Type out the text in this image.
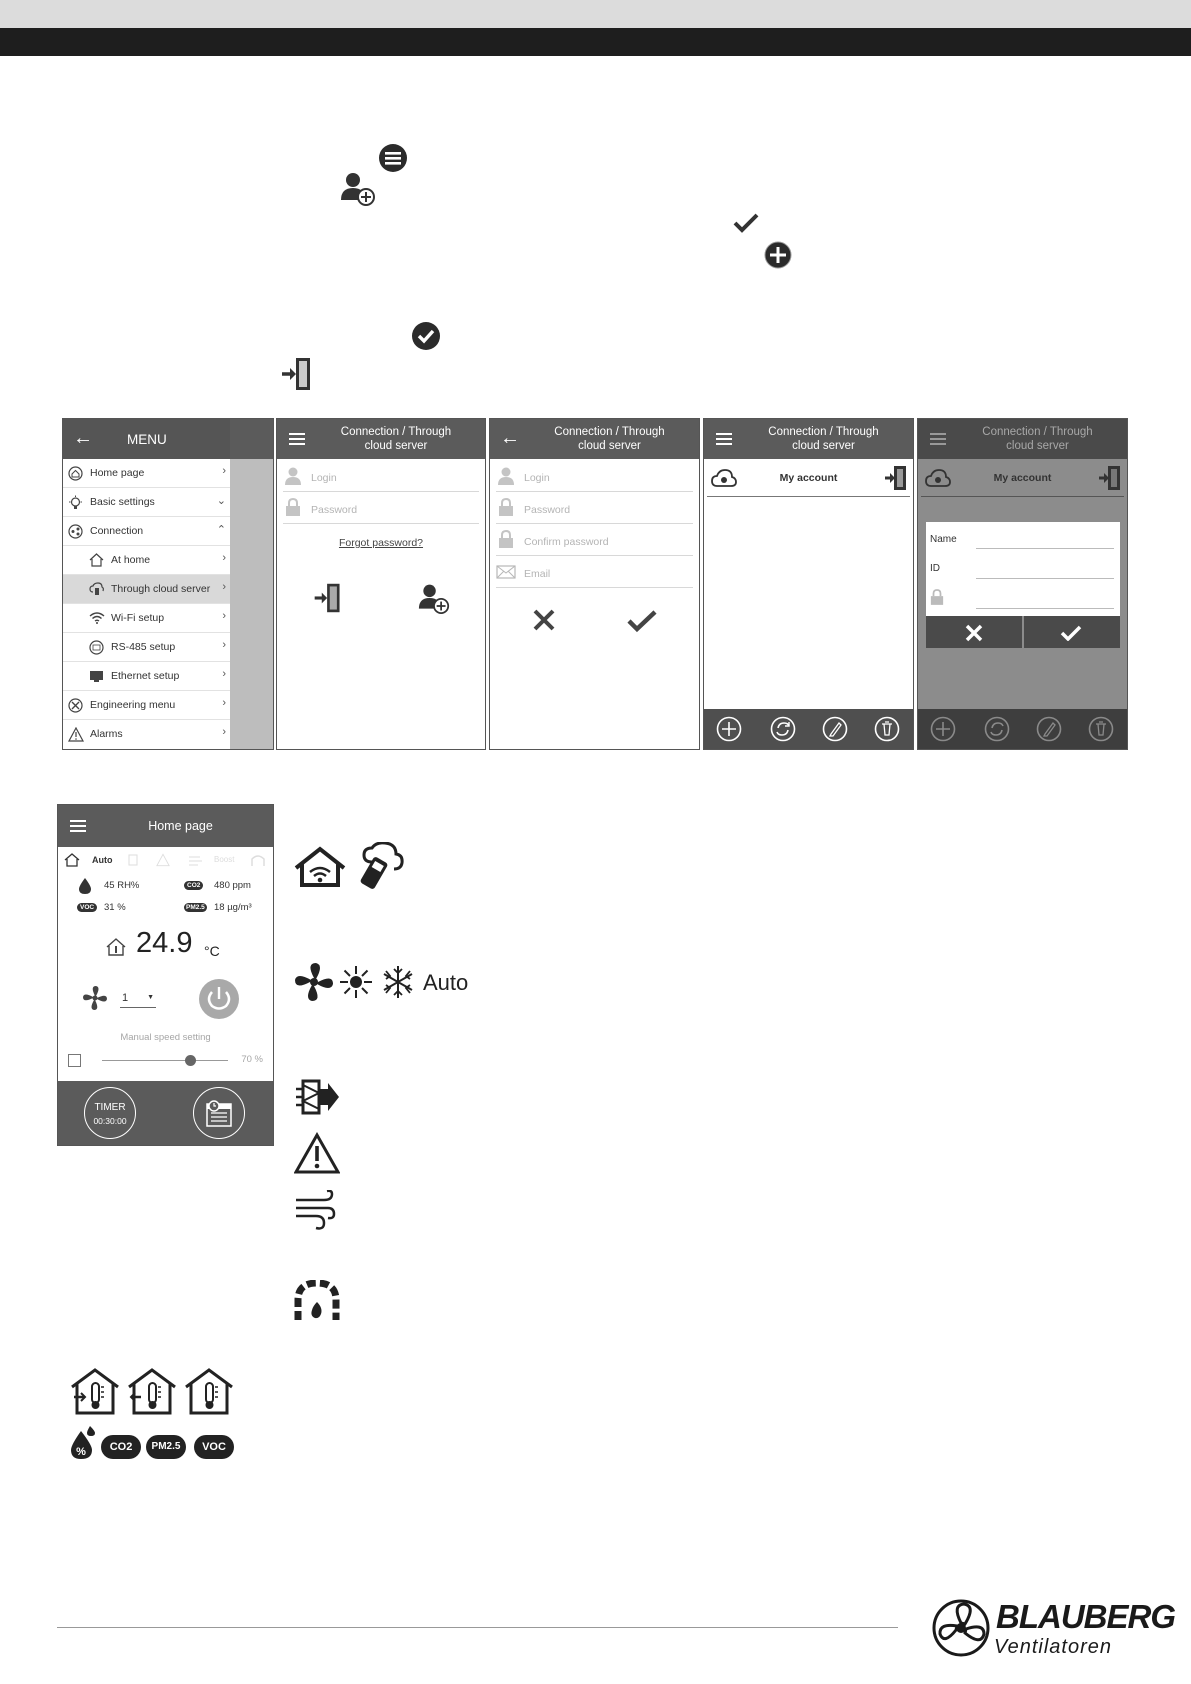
←	MENU
Home page	›
Basic settings	⌄
Connection	⌃
At home	›
Through cloud server ›
Wi-Fi setup	›
RS-485 setup	›
Ethernet setup	›
Engineering menu	›
Alarms	›
Connection / Through
cloud server
Login
Password
Forgot password?
←	Connection / Through
cloud server
Login
Password
Confirm password
Email
Connection / Through
cloud server
My account
Connection / Through
cloud server
My account
Name
ID
Home page
Auto	Boost
45 RH%	CO2	480 ppm
VOC	31 %	PM2.5 18 µg/m³
24.9 °C
1	▼
Manual speed setting
70 %
TIMER
00:30:00
Auto
%	CO2	PM2.5	VOC
BLAUBERG
Ventilatoren
